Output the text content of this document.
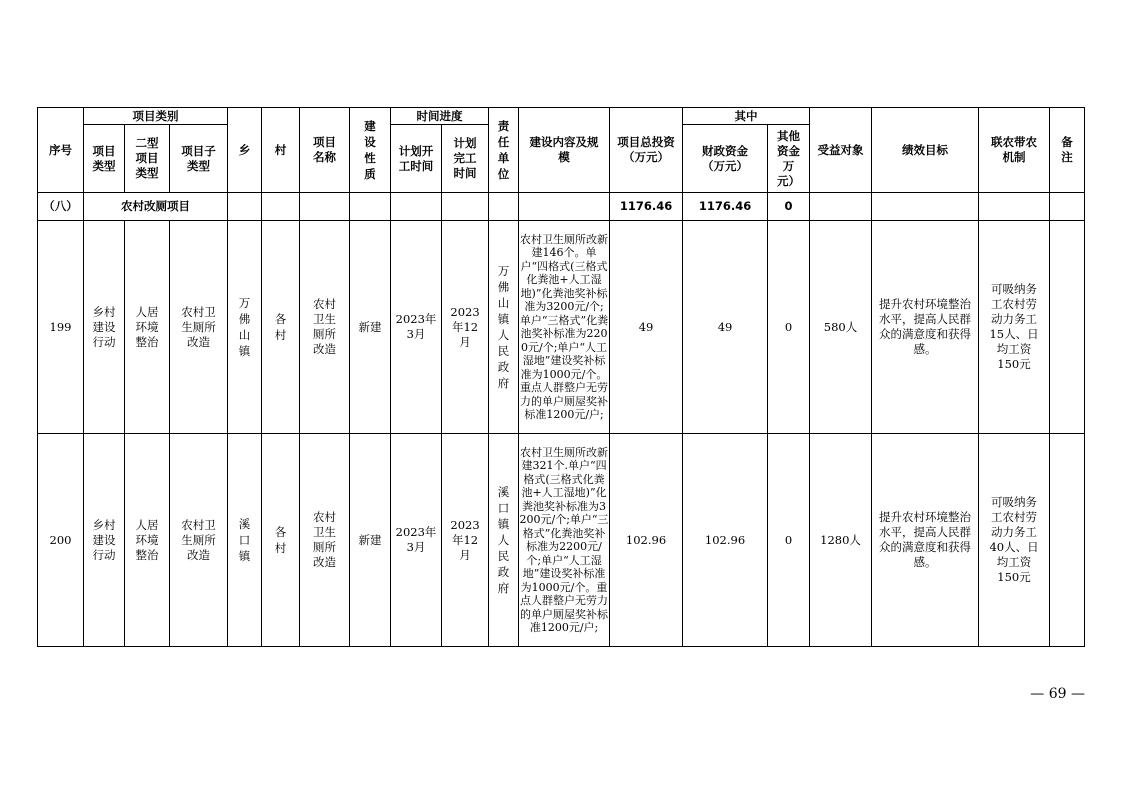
序号	项目类别			乡	村	项目名称	建设性质	时间进度		责任单位	建设内容及规模	项目总投资（万元）	其中		受益对象	绩效目标	联农带农机制	备注
	项目类型	二型项目类型	项目子类型					计划开工时间	计划完工时间				财政资金（万元）	其他资金万元）				
（八）	农村改厕项目											1176.46	1176.46	0				
199	乡村建设行动	人居环境整治	农村卫生厕所改造	万佛山镇	各村	农村卫生厕所改造	新建	2023年3月	2023年12月	万佛山镇人民政府	农村卫生厕所改新建146个。单户“四格式(三格式化粪池+人工湿地)”化粪池奖补标准为3200元/个;单户“三格式”化粪池奖补标准为2200元/个;单户“人工湿地”建设奖补标准为1000元/个。重点人群整户无劳力的单户厕屋奖补标准1200元/户;	49	49	0	580人	提升农村环境整治水平，提高人民群众的满意度和获得感。	可吸纳务工农村劳动力务工15人、日均工资150元	
200	乡村建设行动	人居环境整治	农村卫生厕所改造	溪口镇	各村	农村卫生厕所改造	新建	2023年3月	2023年12月	溪口镇人民政府	农村卫生厕所改新建321个.单户“四格式(三格式化粪池+人工湿地)”化粪池奖补标准为3200元/个;单户“三格式”化粪池奖补标准为2200元/个;单户“人工湿地”建设奖补标准为1000元/个。重点人群整户无劳力的单户厕屋奖补标准1200元/户;	102.96	102.96	0	1280人	提升农村环境整治水平，提高人民群众的满意度和获得感。	可吸纳务工农村劳动力务工40人、日均工资150元	
— 69 —
